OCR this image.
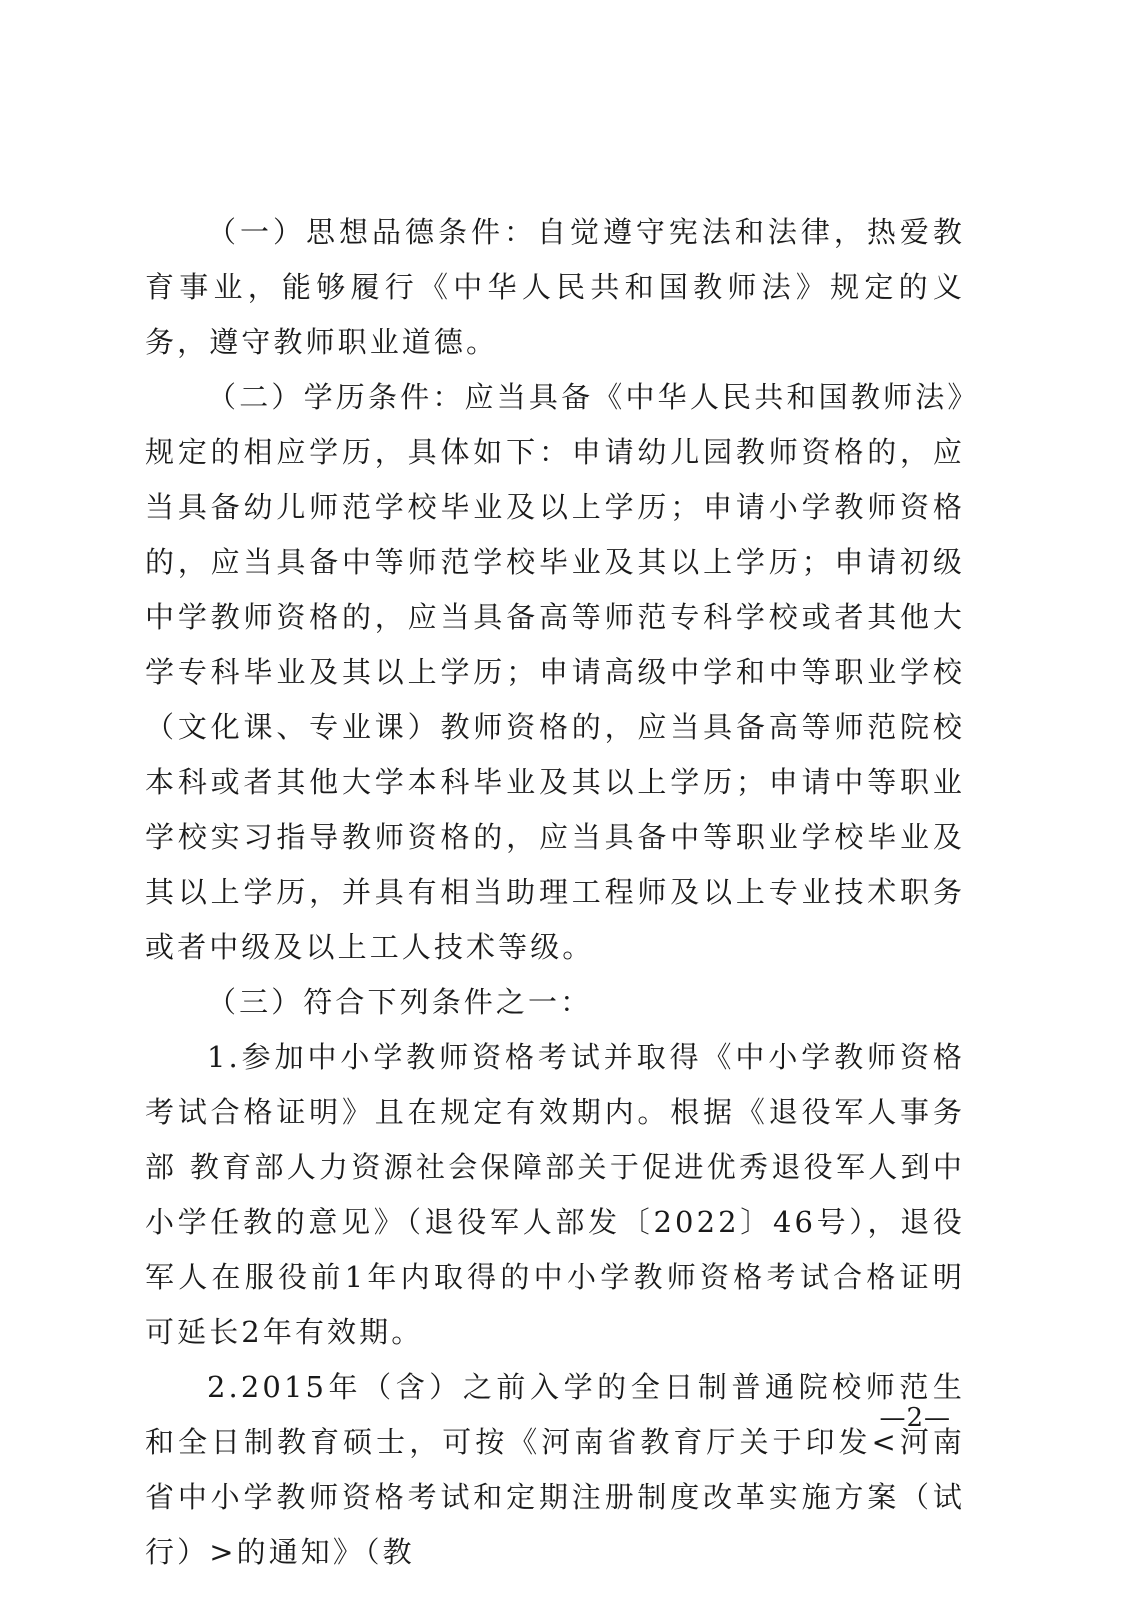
（一）思想品德条件：自觉遵守宪法和法律，热爱教育事业，能够履行《中华人民共和国教师法》规定的义务，遵守教师职业道德。

（二）学历条件：应当具备《中华人民共和国教师法》规定的相应学历，具体如下：申请幼儿园教师资格的，应当具备幼儿师范学校毕业及以上学历；申请小学教师资格的，应当具备中等师范学校毕业及其以上学历；申请初级中学教师资格的，应当具备高等师范专科学校或者其他大学专科毕业及其以上学历；申请高级中学和中等职业学校（文化课、专业课）教师资格的，应当具备高等师范院校本科或者其他大学本科毕业及其以上学历；申请中等职业学校实习指导教师资格的，应当具备中等职业学校毕业及其以上学历，并具有相当助理工程师及以上专业技术职务或者中级及以上工人技术等级。

（三）符合下列条件之一：

1.参加中小学教师资格考试并取得《中小学教师资格考试合格证明》且在规定有效期内。根据《退役军人事务部 教育部人力资源社会保障部关于促进优秀退役军人到中小学任教的意见》（退役军人部发〔2022〕46号），退役军人在服役前1年内取得的中小学教师资格考试合格证明可延长2年有效期。

2.2015年（含）之前入学的全日制普通院校师范生和全日制教育硕士，可按《河南省教育厅关于印发<河南省中小学教师资格考试和定期注册制度改革实施方案（试行）>的通知》（教

—2—
